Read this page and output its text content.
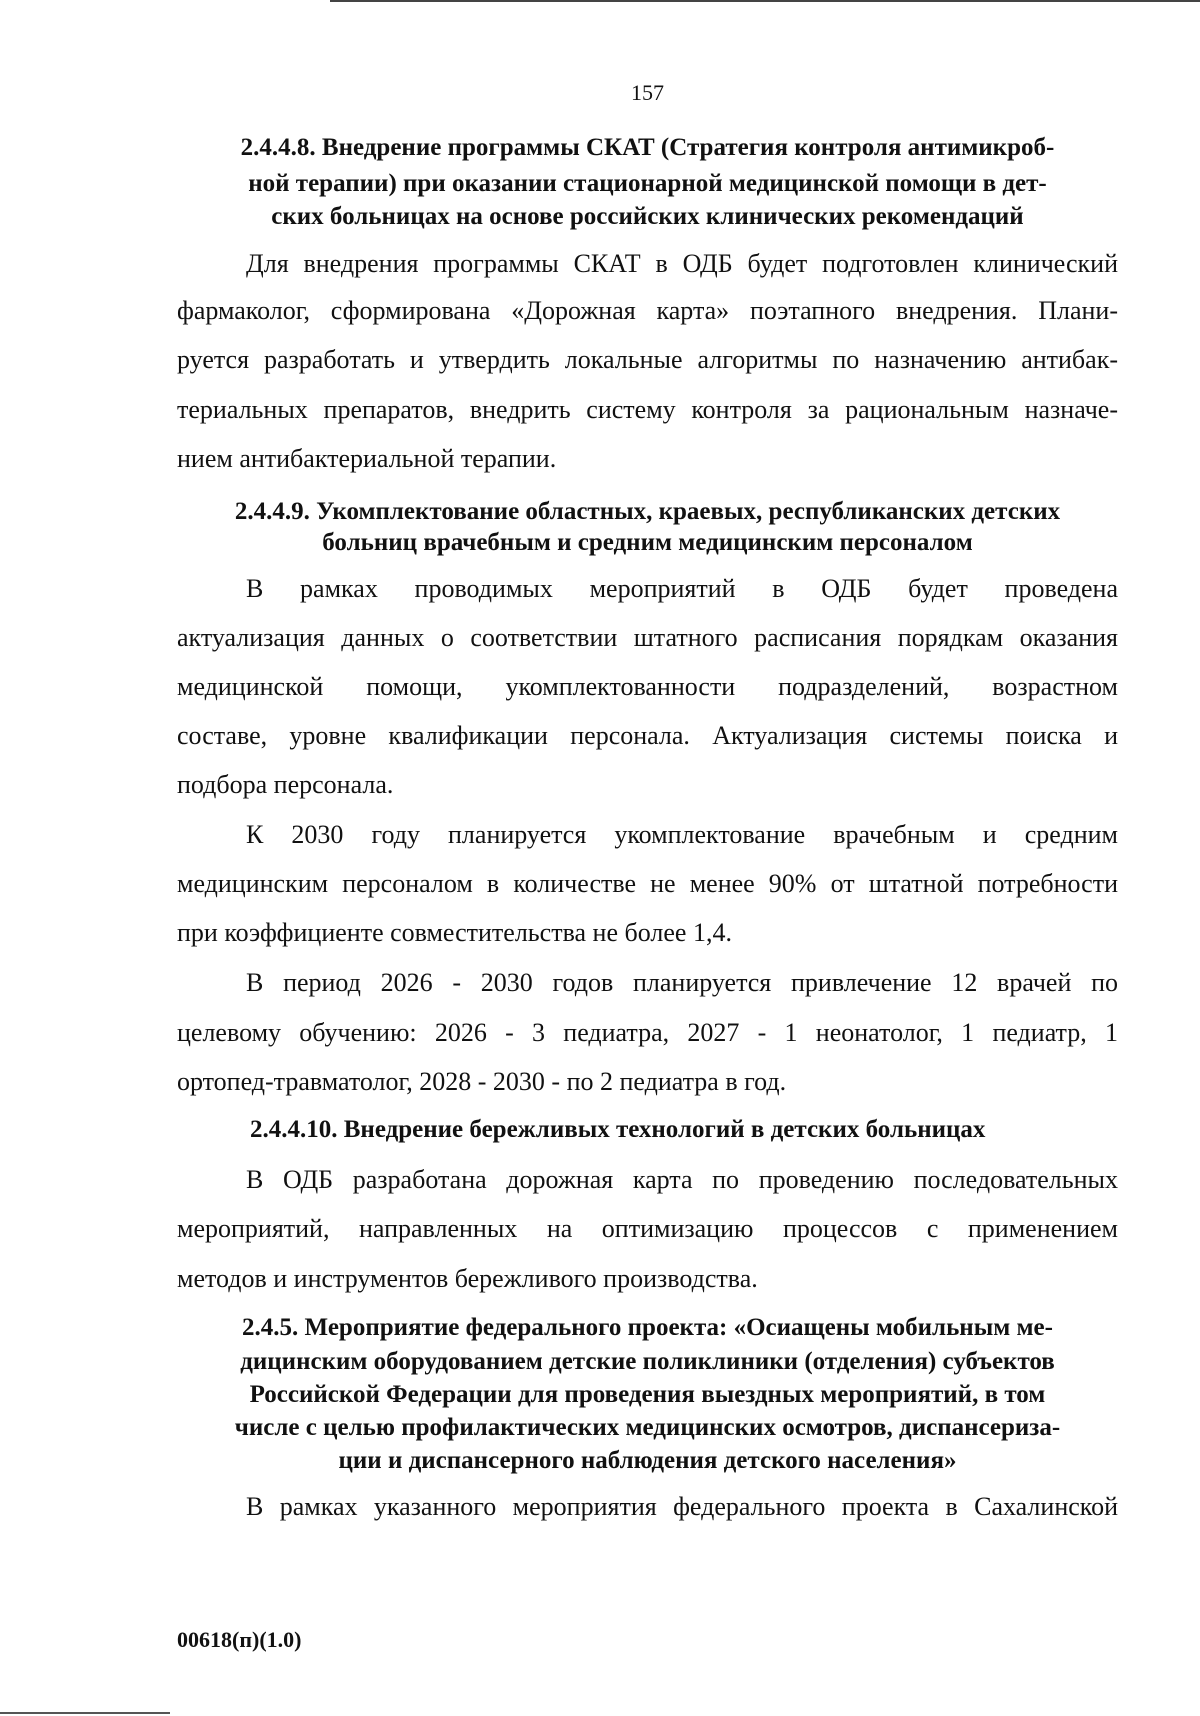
157
2.4.4.8. Внедрение программы СКАТ (Стратегия контроля антимикроб-
ной терапии) при оказании стационарной медицинской помощи в дет-
ских больницах на основе российских клинических рекомендаций
Для внедрения программы СКАТ в ОДБ будет подготовлен клинический
фармаколог, сформирована «Дорожная карта» поэтапного внедрения. Плани-
руется разработать и утвердить локальные алгоритмы по назначению антибак-
териальных препаратов, внедрить систему контроля за рациональным назначе-
нием антибактериальной терапии.
2.4.4.9. Укомплектование областных, краевых, республиканских детских
больниц врачебным и средним медицинским персоналом
В рамках проводимых мероприятий в ОДБ будет проведена
актуализация данных о соответствии штатного расписания порядкам оказания
медицинской помощи, укомплектованности подразделений, возрастном
составе, уровне квалификации персонала. Актуализация системы поиска и
подбора персонала.
К 2030 году планируется укомплектование врачебным и средним
медицинским персоналом в количестве не менее 90% от штатной потребности
при коэффициенте совместительства не более 1,4.
В период 2026 - 2030 годов планируется привлечение 12 врачей по
целевому обучению: 2026 - 3 педиатра, 2027 - 1 неонатолог, 1 педиатр, 1
ортопед-травматолог, 2028 - 2030 - по 2 педиатра в год.
2.4.4.10. Внедрение бережливых технологий в детских больницах
В ОДБ разработана дорожная карта по проведению последовательных
мероприятий, направленных на оптимизацию процессов с применением
методов и инструментов бережливого производства.
2.4.5. Мероприятие федерального проекта: «Осиащены мобильным ме-
дицинским оборудованием детские поликлиники (отделения) субъектов
Российской Федерации для проведения выездных мероприятий, в том
числе с целью профилактических медицинских осмотров, диспансериза-
ции и диспансерного наблюдения детского населения»
В рамках указанного мероприятия федерального проекта в Сахалинской
00618(п)(1.0)
